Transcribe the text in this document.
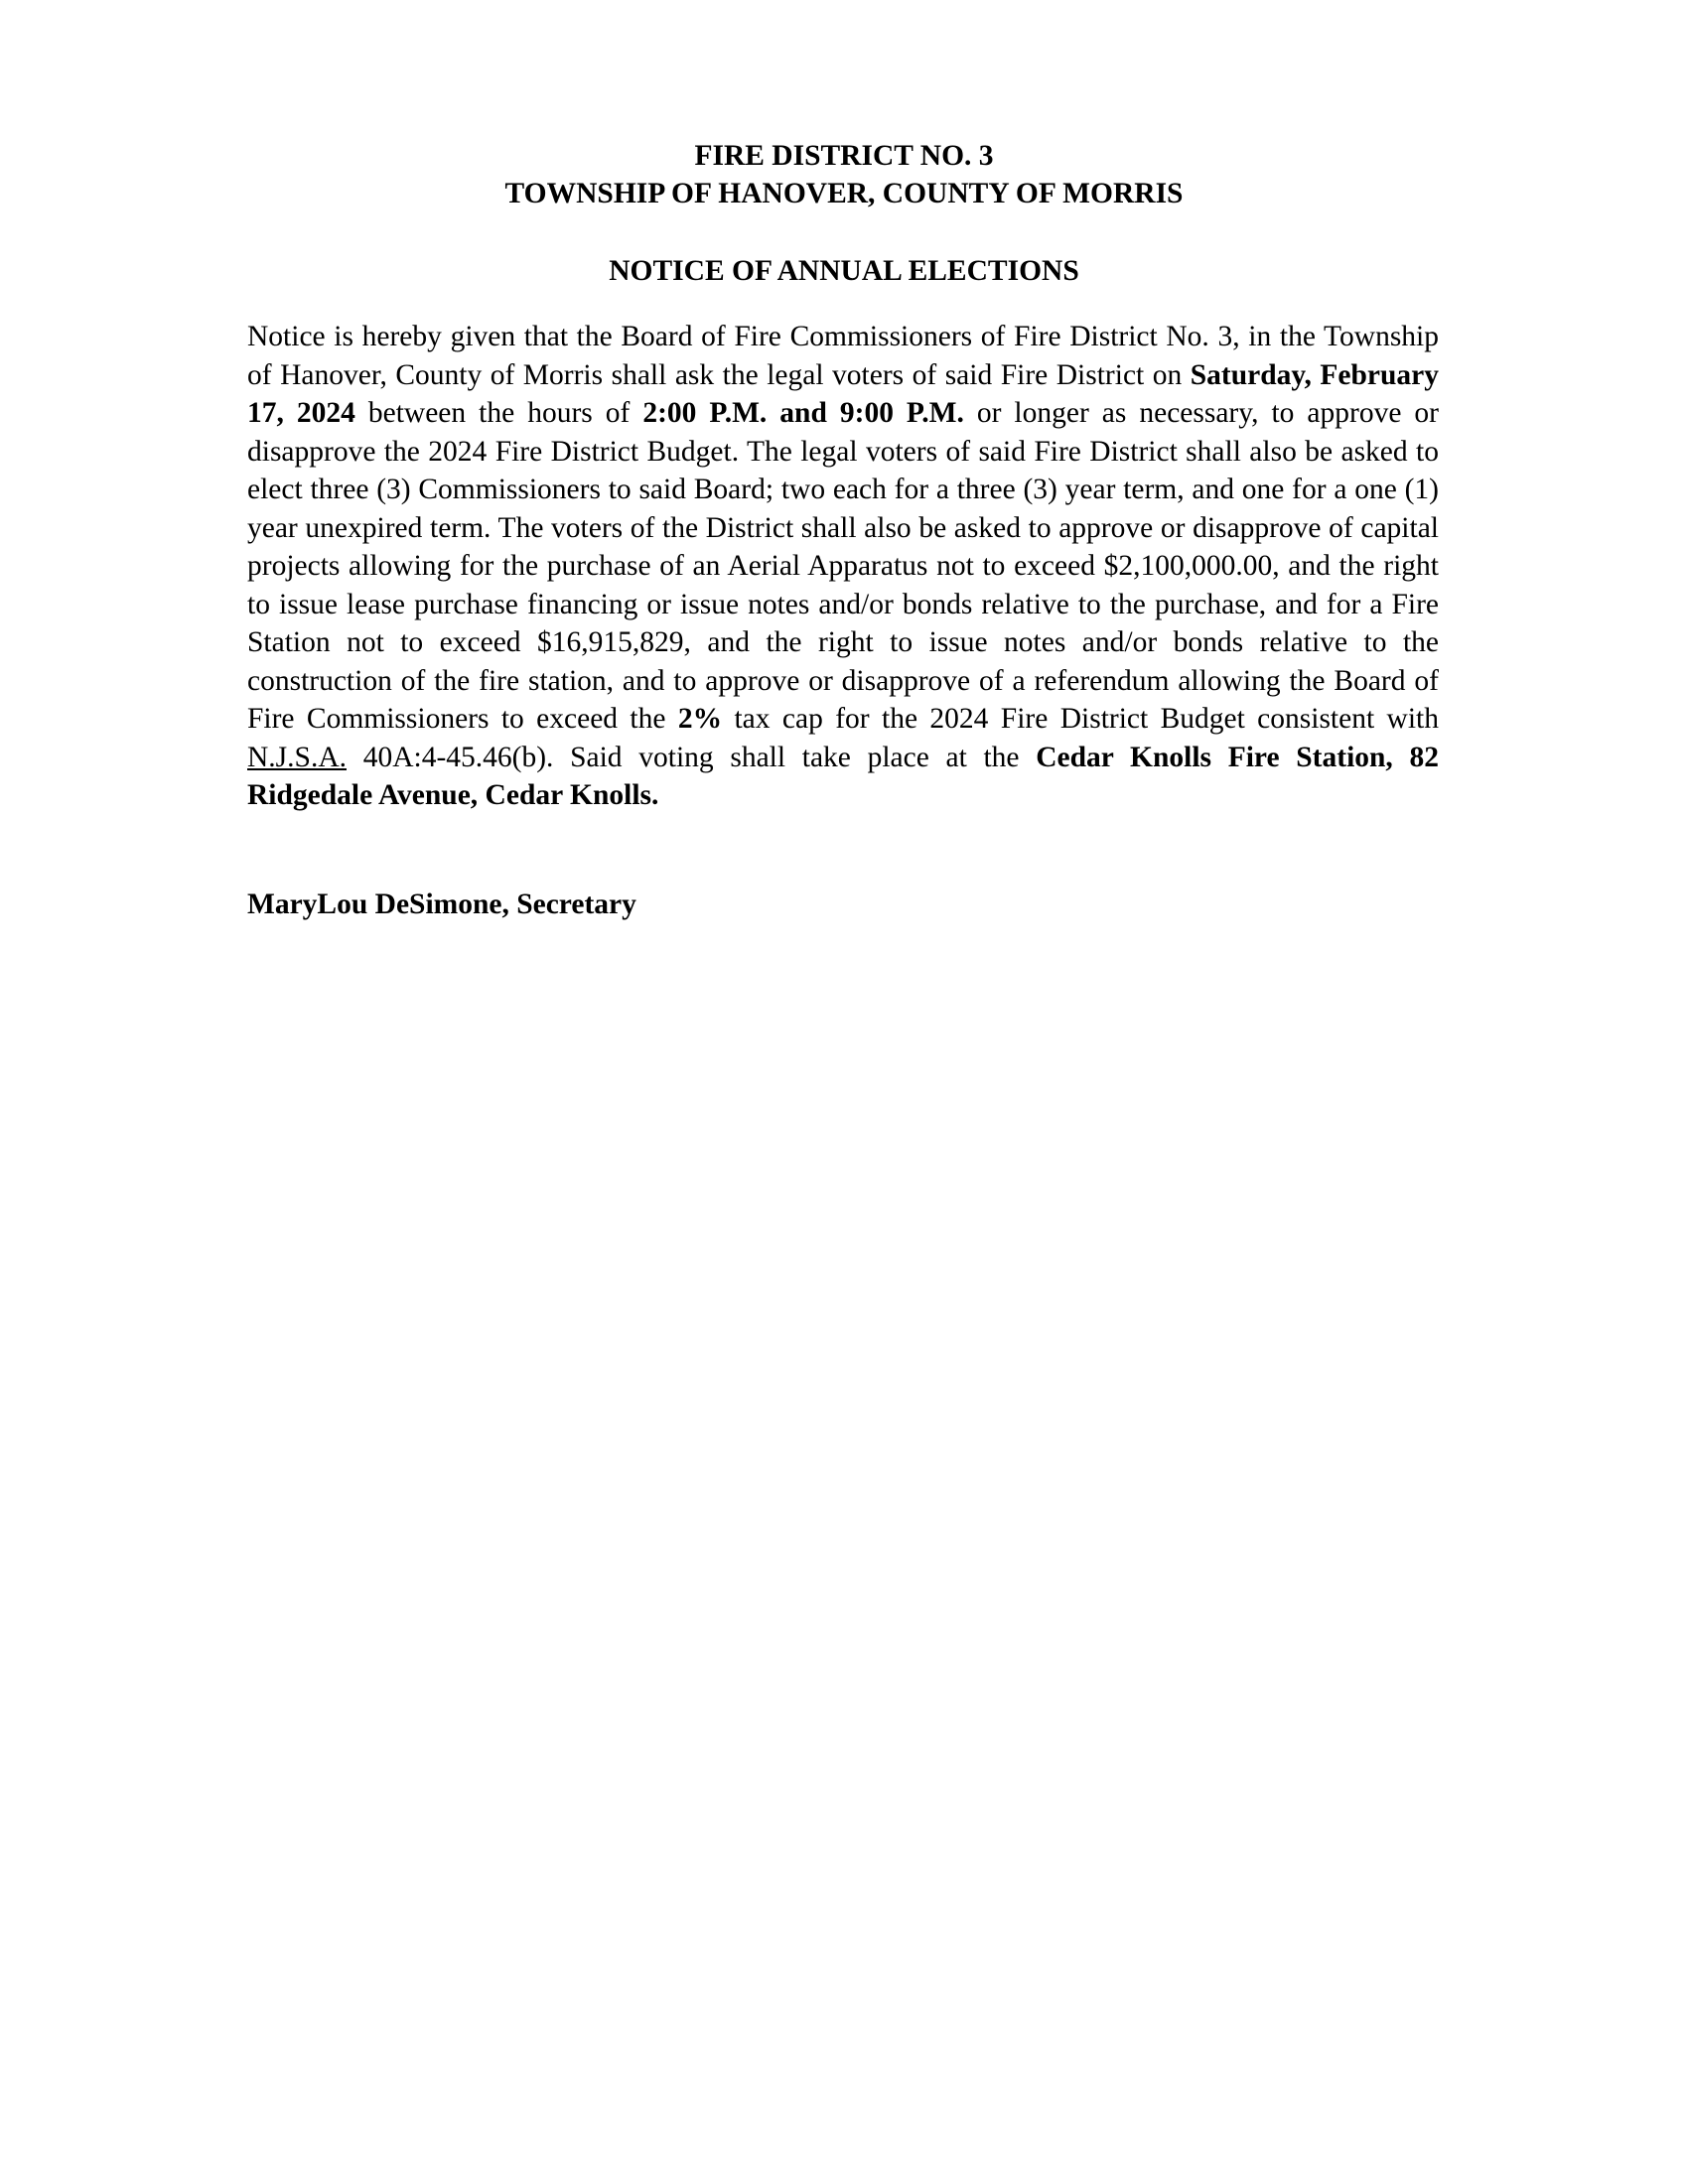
FIRE DISTRICT NO. 3
TOWNSHIP OF HANOVER, COUNTY OF MORRIS
NOTICE OF ANNUAL ELECTIONS

Notice is hereby given that the Board of Fire Commissioners of Fire District No. 3, in the Township of Hanover, County of Morris shall ask the legal voters of said Fire District on Saturday, February 17, 2024 between the hours of 2:00 P.M. and 9:00 P.M. or longer as necessary, to approve or disapprove the 2024 Fire District Budget. The legal voters of said Fire District shall also be asked to elect three (3) Commissioners to said Board; two each for a three (3) year term, and one for a one (1) year unexpired term. The voters of the District shall also be asked to approve or disapprove of capital projects allowing for the purchase of an Aerial Apparatus not to exceed $2,100,000.00, and the right to issue lease purchase financing or issue notes and/or bonds relative to the purchase, and for a Fire Station not to exceed $16,915,829, and the right to issue notes and/or bonds relative to the construction of the fire station, and to approve or disapprove of a referendum allowing the Board of Fire Commissioners to exceed the 2% tax cap for the 2024 Fire District Budget consistent with N.J.S.A. 40A:4-45.46(b). Said voting shall take place at the Cedar Knolls Fire Station, 82 Ridgedale Avenue, Cedar Knolls.

MaryLou DeSimone, Secretary
